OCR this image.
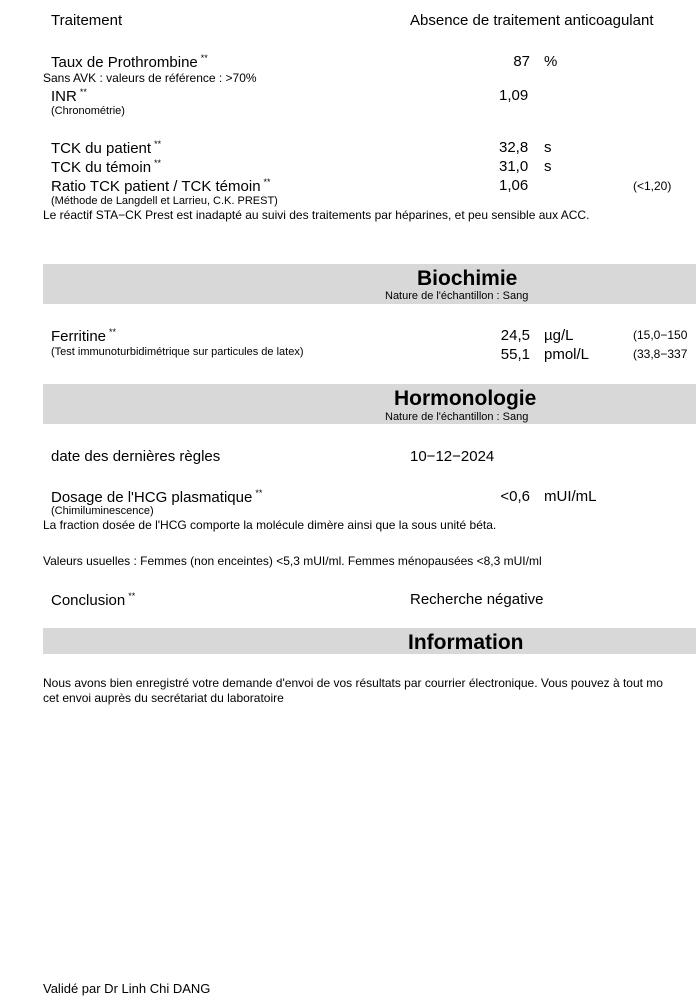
Traitement	Absence de traitement anticoagulant
Taux de Prothrombine **	87 %
Sans AVK : valeurs de référence : >70%
INR **	1,09
(Chronométrie)
TCK du patient **	32,8 s
TCK du témoin **	31,0 s
Ratio TCK patient / TCK témoin **	1,06	(<1,20)
(Méthode de Langdell et Larrieu, C.K. PREST)
Le réactif STA−CK Prest est inadapté au suivi des traitements par héparines, et peu sensible aux ACC.
Biochimie
Nature de l'échantillon : Sang
Ferritine **
(Test immunoturbidimétrique sur particules de latex)
24,5 µg/L	(15,0−150
55,1 pmol/L	(33,8−337
Hormonologie
Nature de l'échantillon : Sang
date des dernières règles	10−12−2024
Dosage de l'HCG plasmatique **	<0,6 mUI/mL
(Chimiluminescence)
La fraction dosée de l'HCG comporte la molécule dimère ainsi que la sous unité béta.
Valeurs usuelles : Femmes (non enceintes) <5,3 mUI/ml. Femmes ménopausées <8,3 mUI/ml
Conclusion **	Recherche négative
Information
Nous avons bien enregistré votre demande d'envoi de vos résultats par courrier électronique. Vous pouvez à tout mo
cet envoi auprès du secrétariat du laboratoire
Validé par Dr Linh Chi DANG
